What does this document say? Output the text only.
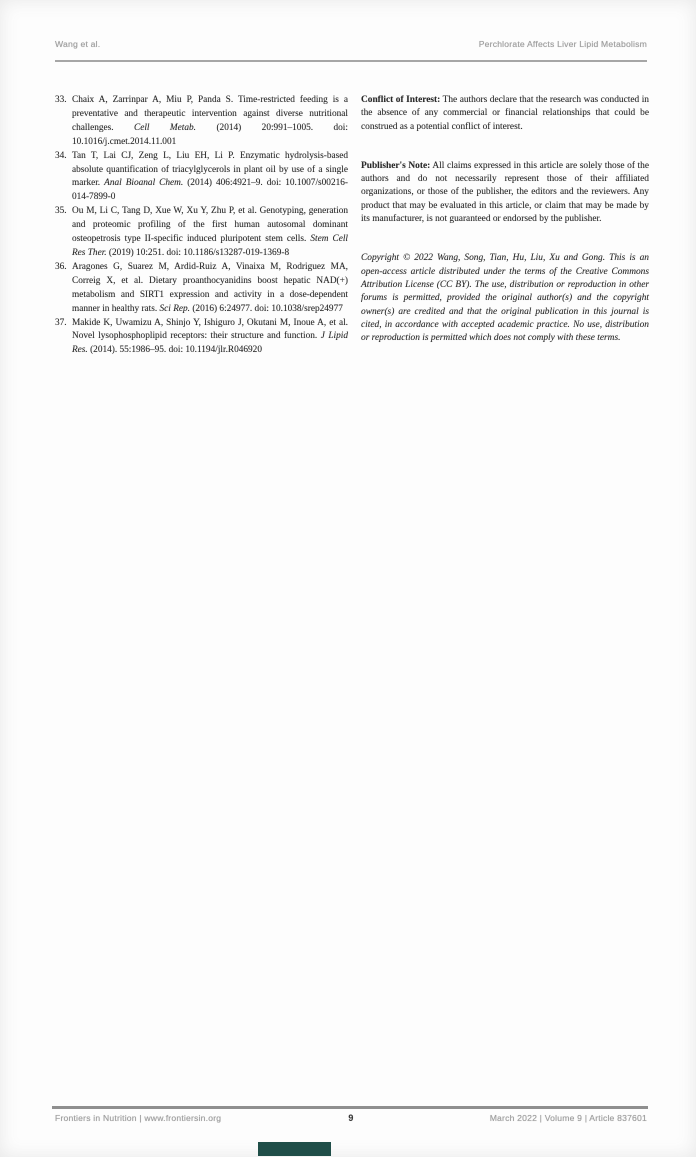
Wang et al.	Perchlorate Affects Liver Lipid Metabolism
33. Chaix A, Zarrinpar A, Miu P, Panda S. Time-restricted feeding is a preventative and therapeutic intervention against diverse nutritional challenges. Cell Metab. (2014) 20:991–1005. doi: 10.1016/j.cmet.2014.11.001
34. Tan T, Lai CJ, Zeng L, Liu EH, Li P. Enzymatic hydrolysis-based absolute quantification of triacylglycerols in plant oil by use of a single marker. Anal Bioanal Chem. (2014) 406:4921–9. doi: 10.1007/s00216-014-7899-0
35. Ou M, Li C, Tang D, Xue W, Xu Y, Zhu P, et al. Genotyping, generation and proteomic profiling of the first human autosomal dominant osteopetrosis type II-specific induced pluripotent stem cells. Stem Cell Res Ther. (2019) 10:251. doi: 10.1186/s13287-019-1369-8
36. Aragones G, Suarez M, Ardid-Ruiz A, Vinaixa M, Rodriguez MA, Correig X, et al. Dietary proanthocyanidins boost hepatic NAD(+) metabolism and SIRT1 expression and activity in a dose-dependent manner in healthy rats. Sci Rep. (2016) 6:24977. doi: 10.1038/srep24977
37. Makide K, Uwamizu A, Shinjo Y, Ishiguro J, Okutani M, Inoue A, et al. Novel lysophosphoplipid receptors: their structure and function. J Lipid Res. (2014). 55:1986–95. doi: 10.1194/jlr.R046920

Conflict of Interest: The authors declare that the research was conducted in the absence of any commercial or financial relationships that could be construed as a potential conflict of interest.

Publisher's Note: All claims expressed in this article are solely those of the authors and do not necessarily represent those of their affiliated organizations, or those of the publisher, the editors and the reviewers. Any product that may be evaluated in this article, or claim that may be made by its manufacturer, is not guaranteed or endorsed by the publisher.

Copyright © 2022 Wang, Song, Tian, Hu, Liu, Xu and Gong. This is an open-access article distributed under the terms of the Creative Commons Attribution License (CC BY). The use, distribution or reproduction in other forums is permitted, provided the original author(s) and the copyright owner(s) are credited and that the original publication in this journal is cited, in accordance with accepted academic practice. No use, distribution or reproduction is permitted which does not comply with these terms.

Frontiers in Nutrition | www.frontiersin.org	9	March 2022 | Volume 9 | Article 837601
